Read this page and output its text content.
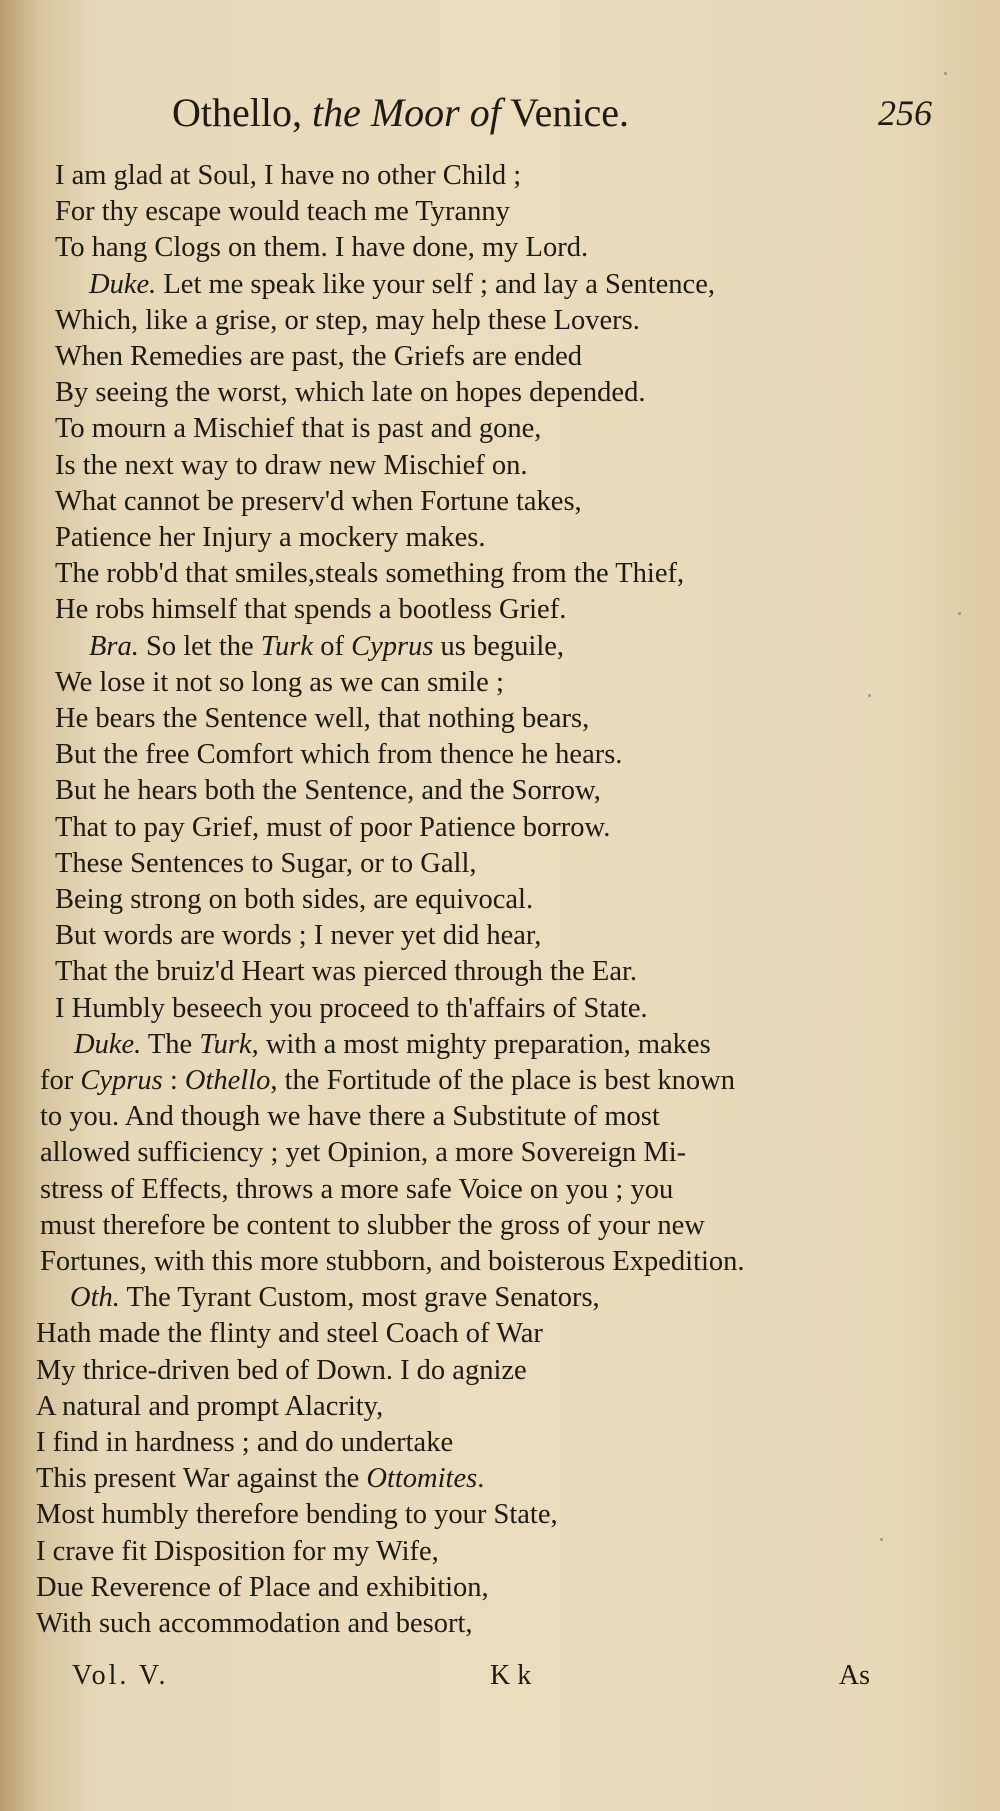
Othello, the Moor of Venice.	256
I am glad at Soul, I have no other Child ;
For thy escape would teach me Tyranny
To hang Clogs on them. I have done, my Lord.
Duke. Let me speak like your self ; and lay a Sentence,
Which, like a grise, or step, may help these Lovers.
When Remedies are past, the Griefs are ended
By seeing the worst, which late on hopes depended.
To mourn a Mischief that is past and gone,
Is the next way to draw new Mischief on.
What cannot be preserv'd when Fortune takes,
Patience her Injury a mockery makes.
The robb'd that smiles,steals something from the Thief,
He robs himself that spends a bootless Grief.
Bra. So let the Turk of Cyprus us beguile,
We lose it not so long as we can smile ;
He bears the Sentence well, that nothing bears,
But the free Comfort which from thence he hears.
But he hears both the Sentence, and the Sorrow,
That to pay Grief, must of poor Patience borrow.
These Sentences to Sugar, or to Gall,
Being strong on both sides, are equivocal.
But words are words ; I never yet did hear,
That the bruiz'd Heart was pierced through the Ear.
I Humbly beseech you proceed to th'affairs of State.
Duke. The Turk, with a most mighty preparation, makes
for Cyprus : Othello, the Fortitude of the place is best known
to you. And though we have there a Substitute of most
allowed sufficiency ; yet Opinion, a more Sovereign Mi-
stress of Effects, throws a more safe Voice on you ; you
must therefore be content to slubber the gross of your new
Fortunes, with this more stubborn, and boisterous Expedition.
Oth. The Tyrant Custom, most grave Senators,
Hath made the flinty and steel Coach of War
My thrice-driven bed of Down. I do agnize
A natural and prompt Alacrity,
I find in hardness ; and do undertake
This present War against the Ottomites.
Most humbly therefore bending to your State,
I crave fit Disposition for my Wife,
Due Reverence of Place and exhibition,
With such accommodation and besort,
Vol. V.	K k	As
